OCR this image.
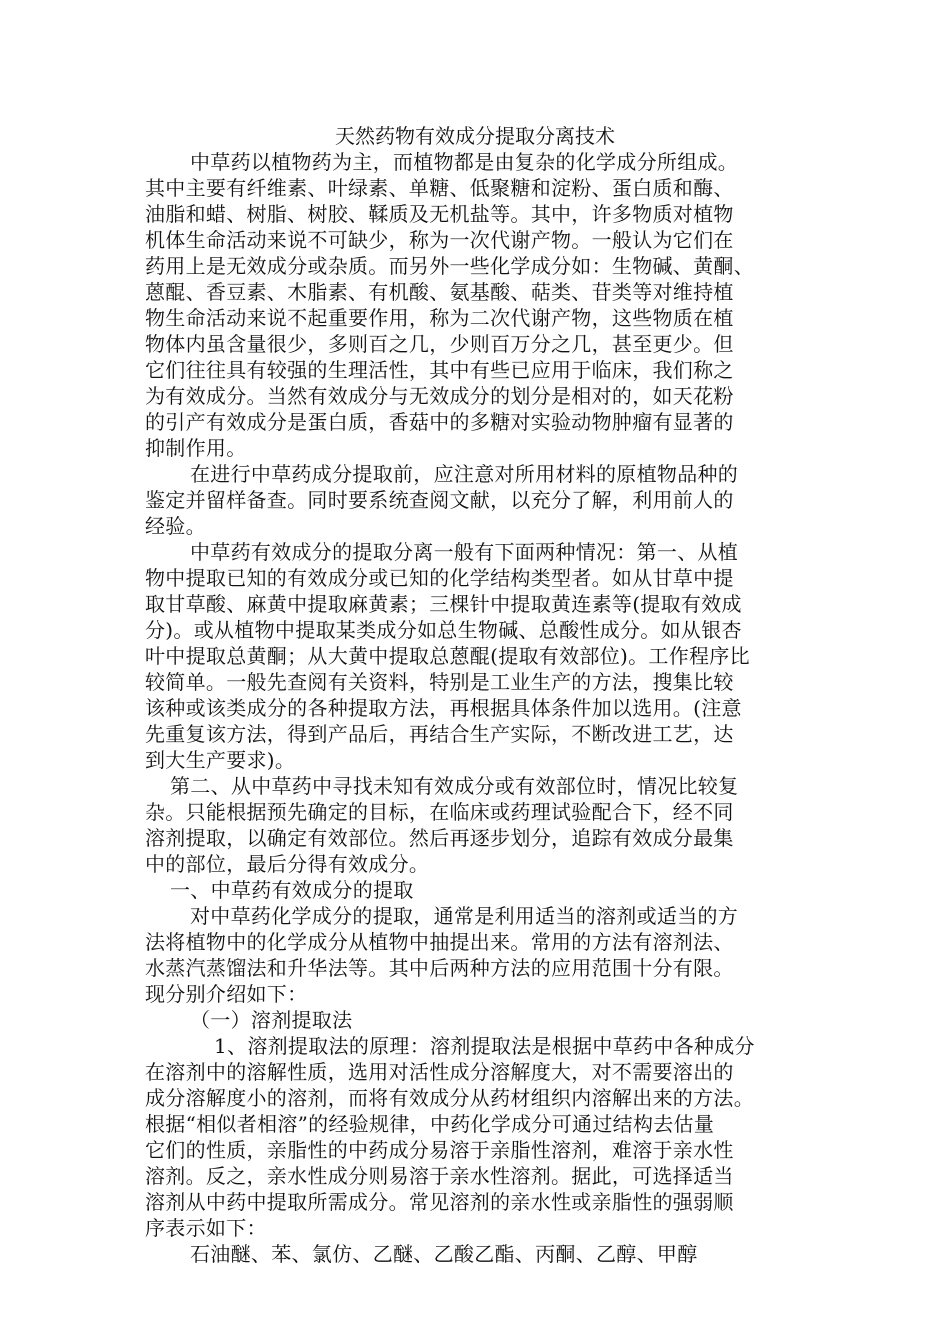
天然药物有效成分提取分离技术
中草药以植物药为主，而植物都是由复杂的化学成分所组成。
其中主要有纤维素、叶绿素、单糖、低聚糖和淀粉、蛋白质和酶、
油脂和蜡、树脂、树胶、鞣质及无机盐等。其中，许多物质对植物
机体生命活动来说不可缺少，称为一次代谢产物。一般认为它们在
药用上是无效成分或杂质。而另外一些化学成分如：生物碱、黄酮、
蒽醌、香豆素、木脂素、有机酸、氨基酸、萜类、苷类等对维持植
物生命活动来说不起重要作用，称为二次代谢产物，这些物质在植
物体内虽含量很少，多则百之几，少则百万分之几，甚至更少。但
它们往往具有较强的生理活性，其中有些已应用于临床，我们称之
为有效成分。当然有效成分与无效成分的划分是相对的，如天花粉
的引产有效成分是蛋白质，香菇中的多糖对实验动物肿瘤有显著的
抑制作用。
在进行中草药成分提取前，应注意对所用材料的原植物品种的
鉴定并留样备查。同时要系统查阅文献，以充分了解，利用前人的
经验。
中草药有效成分的提取分离一般有下面两种情况：第一、从植
物中提取已知的有效成分或已知的化学结构类型者。如从甘草中提
取甘草酸、麻黄中提取麻黄素；三棵针中提取黄连素等(提取有效成
分)。或从植物中提取某类成分如总生物碱、总酸性成分。如从银杏
叶中提取总黄酮；从大黄中提取总蒽醌(提取有效部位)。工作程序比
较简单。一般先查阅有关资料，特别是工业生产的方法，搜集比较
该种或该类成分的各种提取方法，再根据具体条件加以选用。(注意
先重复该方法，得到产品后，再结合生产实际，不断改进工艺，达
到大生产要求)。
第二、从中草药中寻找未知有效成分或有效部位时，情况比较复
杂。只能根据预先确定的目标，在临床或药理试验配合下，经不同
溶剂提取，以确定有效部位。然后再逐步划分，追踪有效成分最集
中的部位，最后分得有效成分。
一、中草药有效成分的提取
对中草药化学成分的提取，通常是利用适当的溶剂或适当的方
法将植物中的化学成分从植物中抽提出来。常用的方法有溶剂法、
水蒸汽蒸馏法和升华法等。其中后两种方法的应用范围十分有限。
现分别介绍如下：
（一）溶剂提取法
1、溶剂提取法的原理：溶剂提取法是根据中草药中各种成分
在溶剂中的溶解性质，选用对活性成分溶解度大，对不需要溶出的
成分溶解度小的溶剂，而将有效成分从药材组织内溶解出来的方法。
根据“相似者相溶”的经验规律，中药化学成分可通过结构去估量
它们的性质，亲脂性的中药成分易溶于亲脂性溶剂，难溶于亲水性
溶剂。反之，亲水性成分则易溶于亲水性溶剂。据此，可选择适当
溶剂从中药中提取所需成分。常见溶剂的亲水性或亲脂性的强弱顺
序表示如下：
石油醚、苯、氯仿、乙醚、乙酸乙酯、丙酮、乙醇、甲醇
